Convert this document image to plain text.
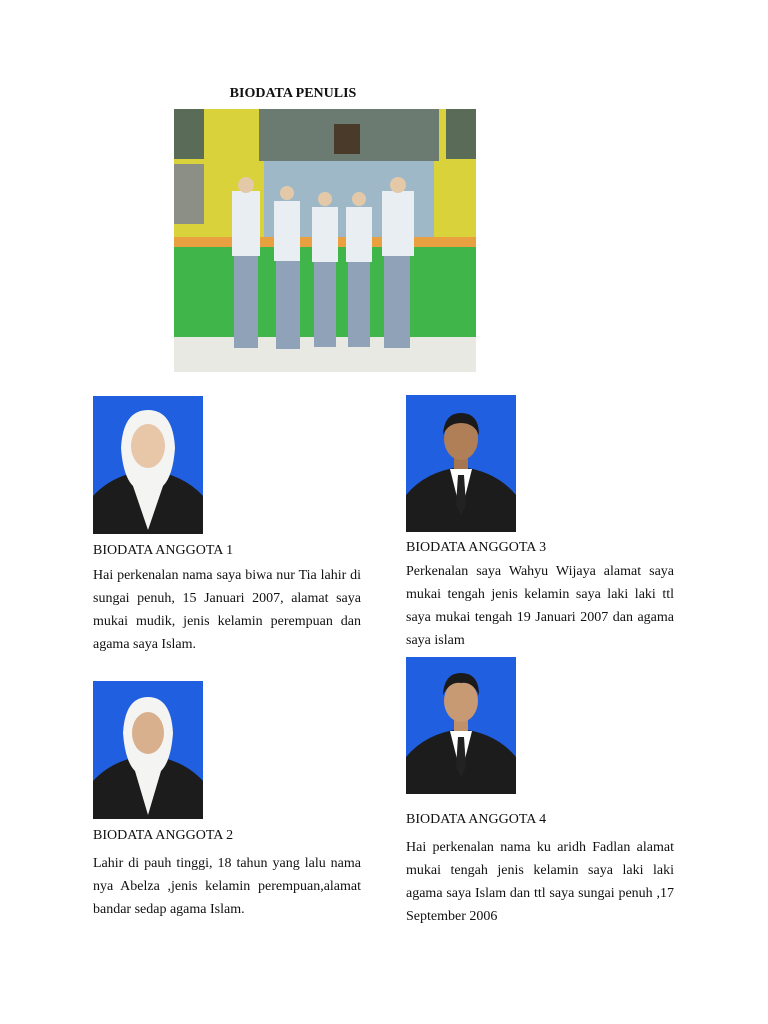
BIODATA PENULIS
BIODATA ANGGOTA 1

Hai perkenalan nama saya biwa nur Tia lahir di sungai penuh, 15 Januari 2007, alamat saya mukai mudik, jenis kelamin perempuan dan agama saya Islam.

BIODATA ANGGOTA 2

Lahir di pauh tinggi, 18 tahun yang lalu nama nya Abelza ,jenis kelamin perempuan,alamat bandar sedap agama Islam.

BIODATA ANGGOTA 3

Perkenalan saya Wahyu Wijaya alamat saya mukai tengah jenis kelamin saya laki laki ttl saya mukai tengah 19 Januari 2007 dan agama saya islam

BIODATA ANGGOTA 4

Hai perkenalan nama ku aridh Fadlan alamat mukai tengah jenis kelamin saya laki laki agama saya Islam dan ttl saya sungai penuh ,17 September 2006
